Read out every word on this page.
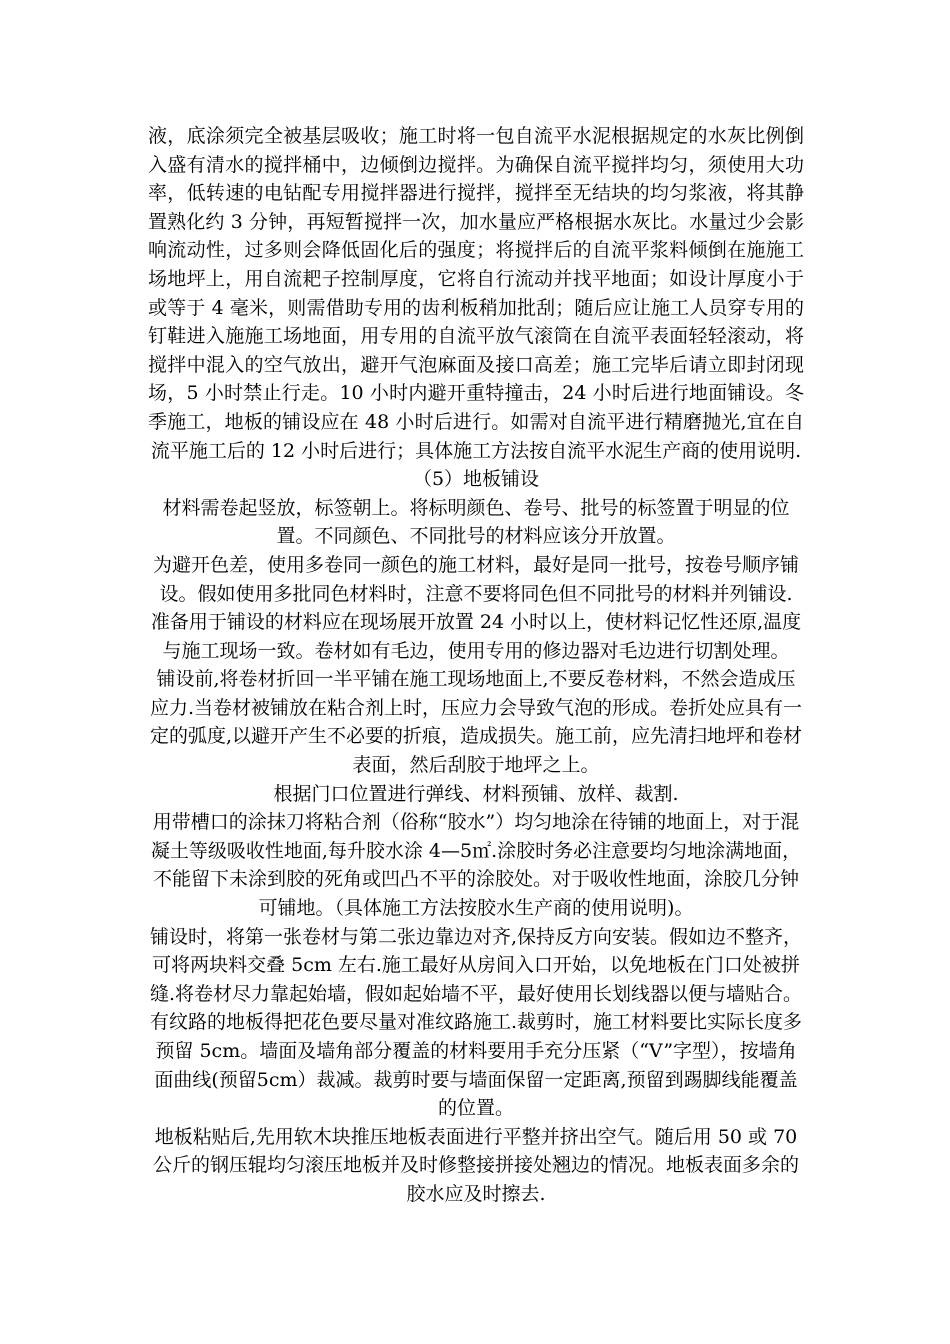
液，底涂须完全被基层吸收；施工时将一包自流平水泥根据规定的水灰比例倒入盛有清水的搅拌桶中，边倾倒边搅拌。为确保自流平搅拌均匀，须使用大功率，低转速的电钻配专用搅拌器进行搅拌，搅拌至无结块的均匀浆液，将其静置熟化约 3 分钟，再短暂搅拌一次，加水量应严格根据水灰比。水量过少会影响流动性，过多则会降低固化后的强度；将搅拌后的自流平浆料倾倒在施施工场地坪上，用自流耙子控制厚度，它将自行流动并找平地面；如设计厚度小于或等于 4 毫米，则需借助专用的齿利板稍加批刮；随后应让施工人员穿专用的钉鞋进入施施工场地面，用专用的自流平放气滚筒在自流平表面轻轻滚动，将搅拌中混入的空气放出，避开气泡麻面及接口高差；施工完毕后请立即封闭现场，5 小时禁止行走。10 小时内避开重特撞击，24 小时后进行地面铺设。冬季施工，地板的铺设应在 48 小时后进行。如需对自流平进行精磨抛光,宜在自流平施工后的 12 小时后进行；具体施工方法按自流平水泥生产商的使用说明.

（5）地板铺设

材料需卷起竖放，标签朝上。将标明颜色、卷号、批号的标签置于明显的位置。不同颜色、不同批号的材料应该分开放置。

为避开色差，使用多卷同一颜色的施工材料，最好是同一批号，按卷号顺序铺设。假如使用多批同色材料时，注意不要将同色但不同批号的材料并列铺设.

准备用于铺设的材料应在现场展开放置 24 小时以上，使材料记忆性还原,温度与施工现场一致。卷材如有毛边，使用专用的修边器对毛边进行切割处理。

铺设前,将卷材折回一半平铺在施工现场地面上,不要反卷材料，不然会造成压应力.当卷材被铺放在粘合剂上时，压应力会导致气泡的形成。卷折处应具有一定的弧度,以避开产生不必要的折痕，造成损失。施工前，应先清扫地坪和卷材表面，然后刮胶于地坪之上。

根据门口位置进行弹线、材料预铺、放样、裁割.

用带槽口的涂抹刀将粘合剂（俗称“胶水”）均匀地涂在待铺的地面上，对于混凝土等级吸收性地面,每升胶水涂 4—5㎡.涂胶时务必注意要均匀地涂满地面，不能留下未涂到胶的死角或凹凸不平的涂胶处。对于吸收性地面，涂胶几分钟可铺地。（具体施工方法按胶水生产商的使用说明)。

铺设时，将第一张卷材与第二张边靠边对齐,保持反方向安装。假如边不整齐，可将两块料交叠 5cm 左右.施工最好从房间入口开始，以免地板在门口处被拼缝.将卷材尽力靠起始墙，假如起始墙不平，最好使用长划线器以便与墙贴合。有纹路的地板得把花色要尽量对准纹路施工.裁剪时，施工材料要比实际长度多预留 5cm。墙面及墙角部分覆盖的材料要用手充分压紧（“V”字型），按墙角面曲线(预留5cm）裁减。裁剪时要与墙面保留一定距离,预留到踢脚线能覆盖的位置。

地板粘贴后,先用软木块推压地板表面进行平整并挤出空气。随后用 50 或 70 公斤的钢压辊均匀滚压地板并及时修整接拼接处翘边的情况。地板表面多余的胶水应及时擦去.
